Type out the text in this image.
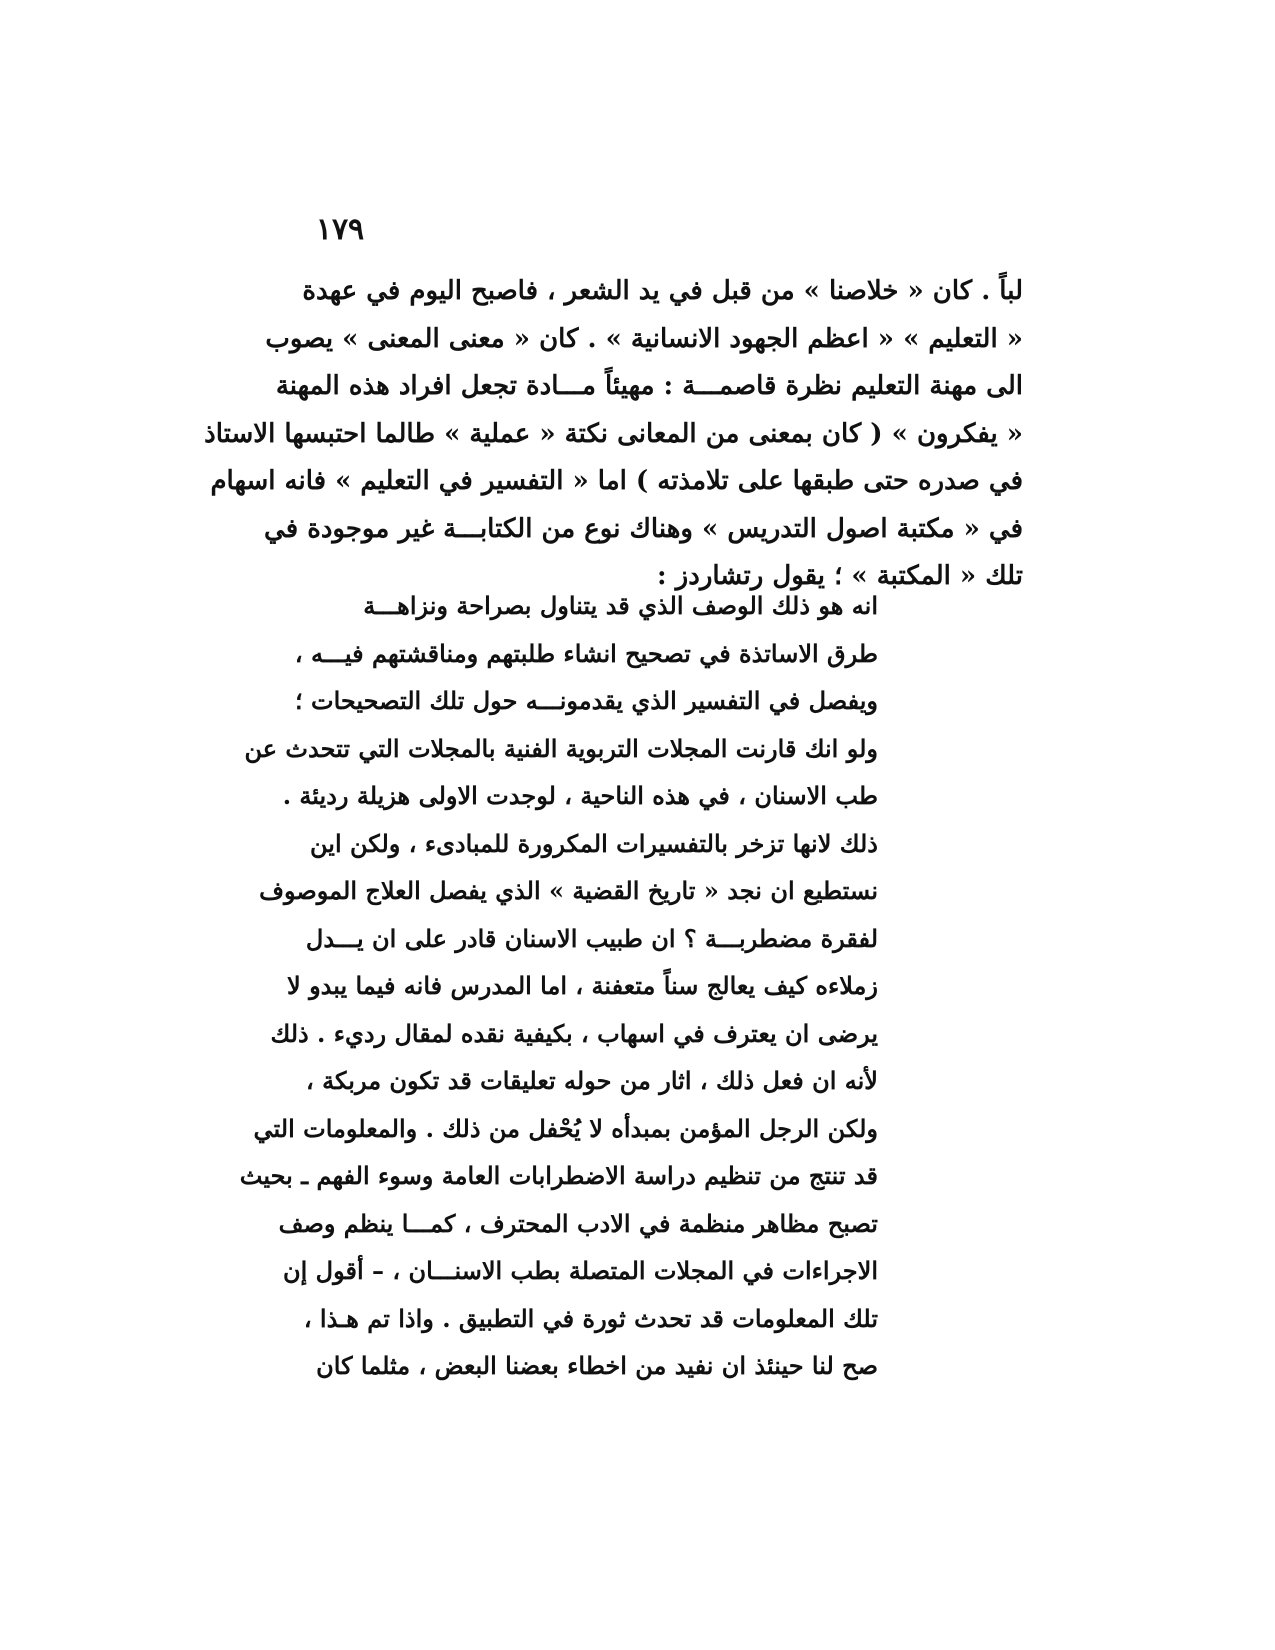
١٧٩
لباً . كان « خلاصنا » من قبل في يد الشعر ، فاصبح اليوم في عهدة
« التعليم » « اعظم الجهود الانسانية » . كان « معنى المعنى » يصوب
الى مهنة التعليم نظرة قاصمـــة : مهيئاً مـــادة تجعل افراد هذه المهنة
« يفكرون » ( كان بمعنى من المعانى نكتة « عملية » طالما احتبسها الاستاذ
في صدره حتى طبقها على تلامذته ) اما « التفسير في التعليم » فانه اسهام
في « مكتبة اصول التدريس » وهناك نوع من الكتابـــة غير موجودة في
تلك « المكتبة » ؛ يقول رتشاردز :
انه هو ذلك الوصف الذي قد يتناول بصراحة ونزاهـــة
طرق الاساتذة في تصحيح انشاء طلبتهم ومناقشتهم فيـــه ،
ويفصل في التفسير الذي يقدمونـــه حول تلك التصحيحات ؛
ولو انك قارنت المجلات التربوية الفنية بالمجلات التي تتحدث عن
طب الاسنان ، في هذه الناحية ، لوجدت الاولى هزيلة رديئة .
ذلك لانها تزخر بالتفسيرات المكرورة للمبادىء ، ولكن اين
نستطيع ان نجد « تاريخ القضية » الذي يفصل العلاج الموصوف
لفقرة مضطربـــة ؟ ان طبيب الاسنان قادر على ان يـــدل
زملاءه كيف يعالج سناً متعفنة ، اما المدرس فانه فيما يبدو لا
يرضى ان يعترف في اسهاب ، بكيفية نقده لمقال رديء . ذلك
لأنه ان فعل ذلك ، اثار من حوله تعليقات قد تكون مربكة ،
ولكن الرجل المؤمن بمبدأه لا يُحْفل من ذلك . والمعلومات التي
قد تنتج من تنظيم دراسة الاضطرابات العامة وسوء الفهم ـ بحيث
تصبح مظاهر منظمة في الادب المحترف ، كمـــا ينظم وصف
الاجراءات في المجلات المتصلة بطب الاسنـــان ، – أقول إن
تلك المعلومات قد تحدث ثورة في التطبيق . واذا تم هـذا ،
صح لنا حينئذ ان نفيد من اخطاء بعضنا البعض ، مثلما كان
